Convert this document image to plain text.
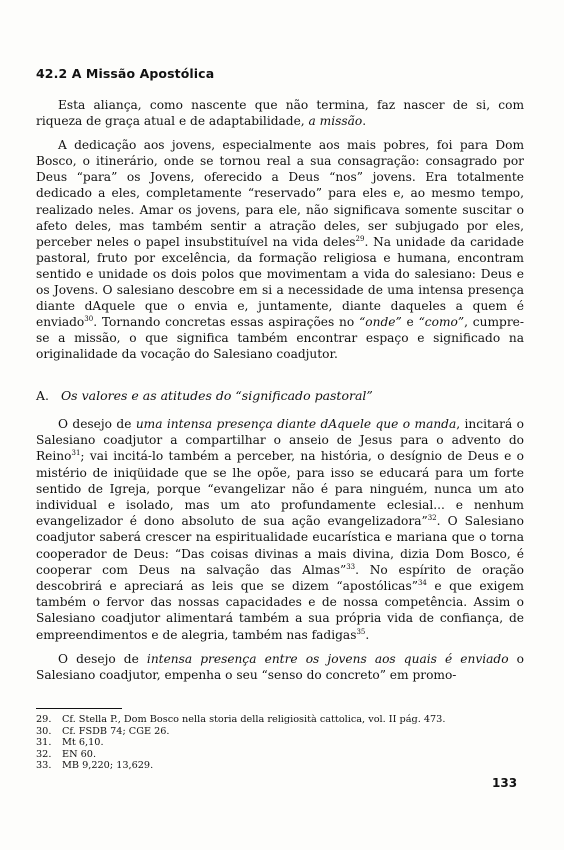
42.2 A Missão Apostólica

Esta aliança, como nascente que não termina, faz nascer de si, com riqueza de graça atual e de adaptabilidade, a missão.

A dedicação aos jovens, especialmente aos mais pobres, foi para Dom Bosco, o itinerário, onde se tornou real a sua consagração: consagrado por Deus “para” os Jovens, oferecido a Deus “nos” jovens. Era totalmente dedicado a eles, completamente “reservado” para eles e, ao mesmo tempo, realizado neles. Amar os jovens, para ele, não significava somente suscitar o afeto deles, mas também sentir a atração deles, ser subjugado por eles, perceber neles o papel insubstituível na vida deles$^{29}$. Na unidade da caridade pastoral, fruto por excelência, da formação religiosa e humana, encontram sentido e unidade os dois polos que movimentam a vida do salesiano: Deus e os Jovens. O salesiano descobre em si a necessidade de uma intensa presença diante dAquele que o envia e, juntamente, diante daqueles a quem é enviado$^{30}$. Tornando concretas essas aspirações no “onde” e “como”, cumpre-se a missão, o que significa também encontrar espaço e significado na originalidade da vocação do Salesiano coadjutor.

A. Os valores e as atitudes do “significado pastoral”

O desejo de uma intensa presença diante dAquele que o manda, incitará o Salesiano coadjutor a compartilhar o anseio de Jesus para o advento do Reino$^{31}$; vai incitá-lo também a perceber, na história, o desígnio de Deus e o mistério de iniqüidade que se lhe opõe, para isso se educará para um forte sentido de Igreja, porque “evangelizar não é para ninguém, nunca um ato individual e isolado, mas um ato profundamente eclesial... e nenhum evangelizador é dono absoluto de sua ação evangelizadora”$^{32}$. O Salesiano coadjutor saberá crescer na espiritualidade eucarística e mariana que o torna cooperador de Deus: “Das coisas divinas a mais divina, dizia Dom Bosco, é cooperar com Deus na salvação das Almas”$^{33}$. No espírito de oração descobrirá e apreciará as leis que se dizem “apostólicas”$^{34}$ e que exigem também o fervor das nossas capacidades e de nossa competência. Assim o Salesiano coadjutor alimentará também a sua própria vida de confiança, de empreendimentos e de alegria, também nas fadigas$^{35}$.

O desejo de intensa presença entre os jovens aos quais é enviado o Salesiano coadjutor, empenha o seu “senso do concreto” em promo-

29.	Cf. Stella P., Dom Bosco nella storia della religiosità cattolica, vol. II pág. 473.
30.	Cf. FSDB 74; CGE 26.
31.	Mt 6,10.
32.	EN 60.
33.	MB 9,220; 13,629.
133
